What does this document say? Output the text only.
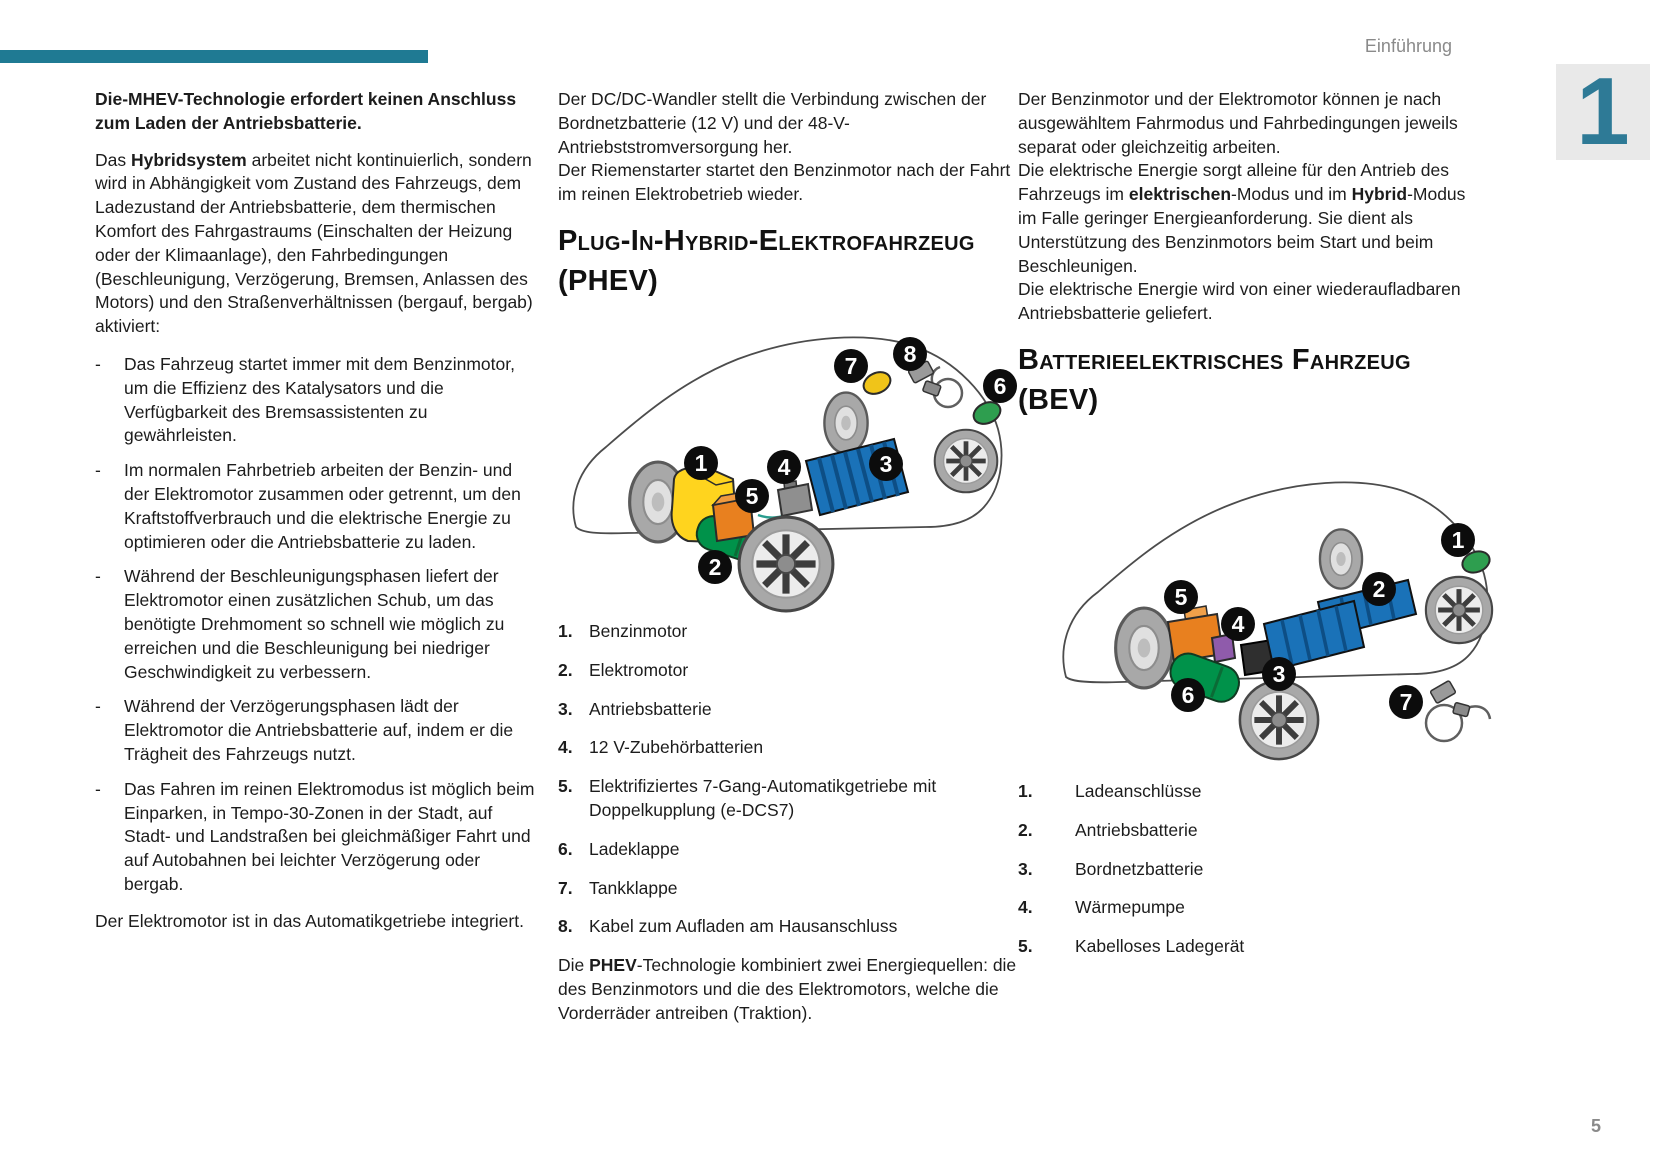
Einführung
1
Die-MHEV-Technologie erfordert keinen Anschluss zum Laden der Antriebsbatterie.

Das Hybridsystem arbeitet nicht kontinuierlich, sondern wird in Abhängigkeit vom Zustand des Fahrzeugs, dem Ladezustand der Antriebsbatterie, dem thermischen Komfort des Fahrgastraums (Einschalten der Heizung oder der Klimaanlage), den Fahrbedingungen (Beschleunigung, Verzögerung, Bremsen, Anlassen des Motors) und den Straßenverhältnissen (bergauf, bergab) aktiviert:

-	Das Fahrzeug startet immer mit dem Benzinmotor, um die Effizienz des Katalysators und die Verfügbarkeit des Bremsassistenten zu gewährleisten.
-	Im normalen Fahrbetrieb arbeiten der Benzin- und der Elektromotor zusammen oder getrennt, um den Kraftstoffverbrauch und die elektrische Energie zu optimieren oder die Antriebsbatterie zu laden.
-	Während der Beschleunigungsphasen liefert der Elektromotor einen zusätzlichen Schub, um das benötigte Drehmoment so schnell wie möglich zu erreichen und die Beschleunigung bei niedriger Geschwindigkeit zu verbessern.
-	Während der Verzögerungsphasen lädt der Elektromotor die Antriebsbatterie auf, indem er die Trägheit des Fahrzeugs nutzt.
-	Das Fahren im reinen Elektromodus ist möglich beim Einparken, in Tempo-30-Zonen in der Stadt, auf Stadt- und Landstraßen bei gleichmäßiger Fahrt und auf Autobahnen bei leichter Verzögerung oder bergab.

Der Elektromotor ist in das Automatikgetriebe integriert.

Der DC/DC-Wandler stellt die Verbindung zwischen der Bordnetzbatterie (12 V) und der 48-V-Antriebststromversorgung her.

Der Riemenstarter startet den Benzinmotor nach der Fahrt im reinen Elektrobetrieb wieder.

Plug-In-Hybrid-Elektrofahrzeug (PHEV)
1
2
3
4
5
6
7 8
1. Benzinmotor
2. Elektromotor
3. Antriebsbatterie
4. 12 V-Zubehörbatterien
5. Elektrifiziertes 7-Gang-Automatikgetriebe mit Doppelkupplung (e-DCS7)
6. Ladeklappe
7. Tankklappe
8. Kabel zum Aufladen am Hausanschluss

Die PHEV-Technologie kombiniert zwei Energiequellen: die des Benzinmotors und die des Elektromotors, welche die Vorderräder antreiben (Traktion).

Der Benzinmotor und der Elektromotor können je nach ausgewähltem Fahrmodus und Fahrbedingungen jeweils separat oder gleichzeitig arbeiten.

Die elektrische Energie sorgt alleine für den Antrieb des Fahrzeugs im elektrischen-Modus und im Hybrid-Modus im Falle geringer Energieanforderung. Sie dient als Unterstützung des Benzinmotors beim Start und beim Beschleunigen.

Die elektrische Energie wird von einer wiederaufladbaren Antriebsbatterie geliefert.

Batterieelektrisches Fahrzeug (BEV)
1
2
3
4
5
6	7
1.	Ladeanschlüsse
2.	Antriebsbatterie
3.	Bordnetzbatterie
4.	Wärmepumpe
5.	Kabelloses Ladegerät
5
